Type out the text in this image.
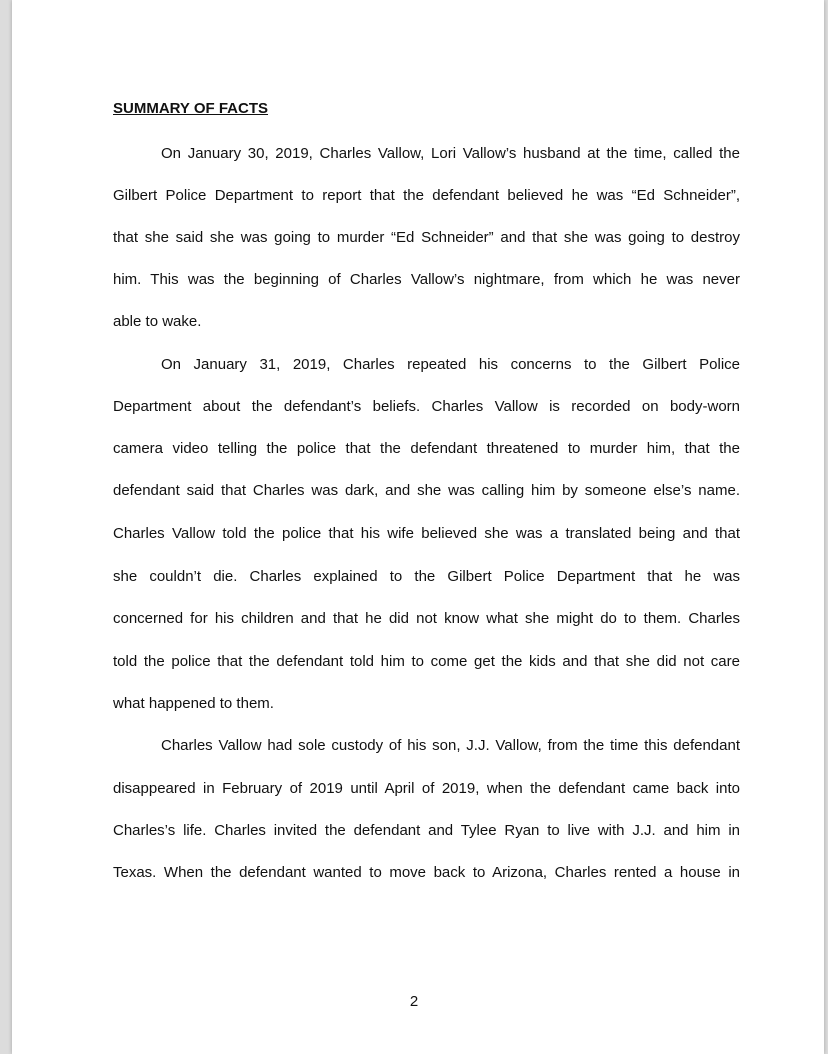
SUMMARY OF FACTS
On January 30, 2019, Charles Vallow, Lori Vallow’s husband at the time, called the
Gilbert Police Department to report that the defendant believed he was “Ed Schneider”,
that she said she was going to murder “Ed Schneider” and that she was going to destroy
him. This was the beginning of Charles Vallow’s nightmare, from which he was never
able to wake.
On January 31, 2019, Charles repeated his concerns to the Gilbert Police
Department about the defendant’s beliefs. Charles Vallow is recorded on body-worn
camera video telling the police that the defendant threatened to murder him, that the
defendant said that Charles was dark, and she was calling him by someone else’s name.
Charles Vallow told the police that his wife believed she was a translated being and that
she couldn’t die. Charles explained to the Gilbert Police Department that he was
concerned for his children and that he did not know what she might do to them. Charles
told the police that the defendant told him to come get the kids and that she did not care
what happened to them.
Charles Vallow had sole custody of his son, J.J. Vallow, from the time this defendant
disappeared in February of 2019 until April of 2019, when the defendant came back into
Charles’s life. Charles invited the defendant and Tylee Ryan to live with J.J. and him in
Texas. When the defendant wanted to move back to Arizona, Charles rented a house in
2
